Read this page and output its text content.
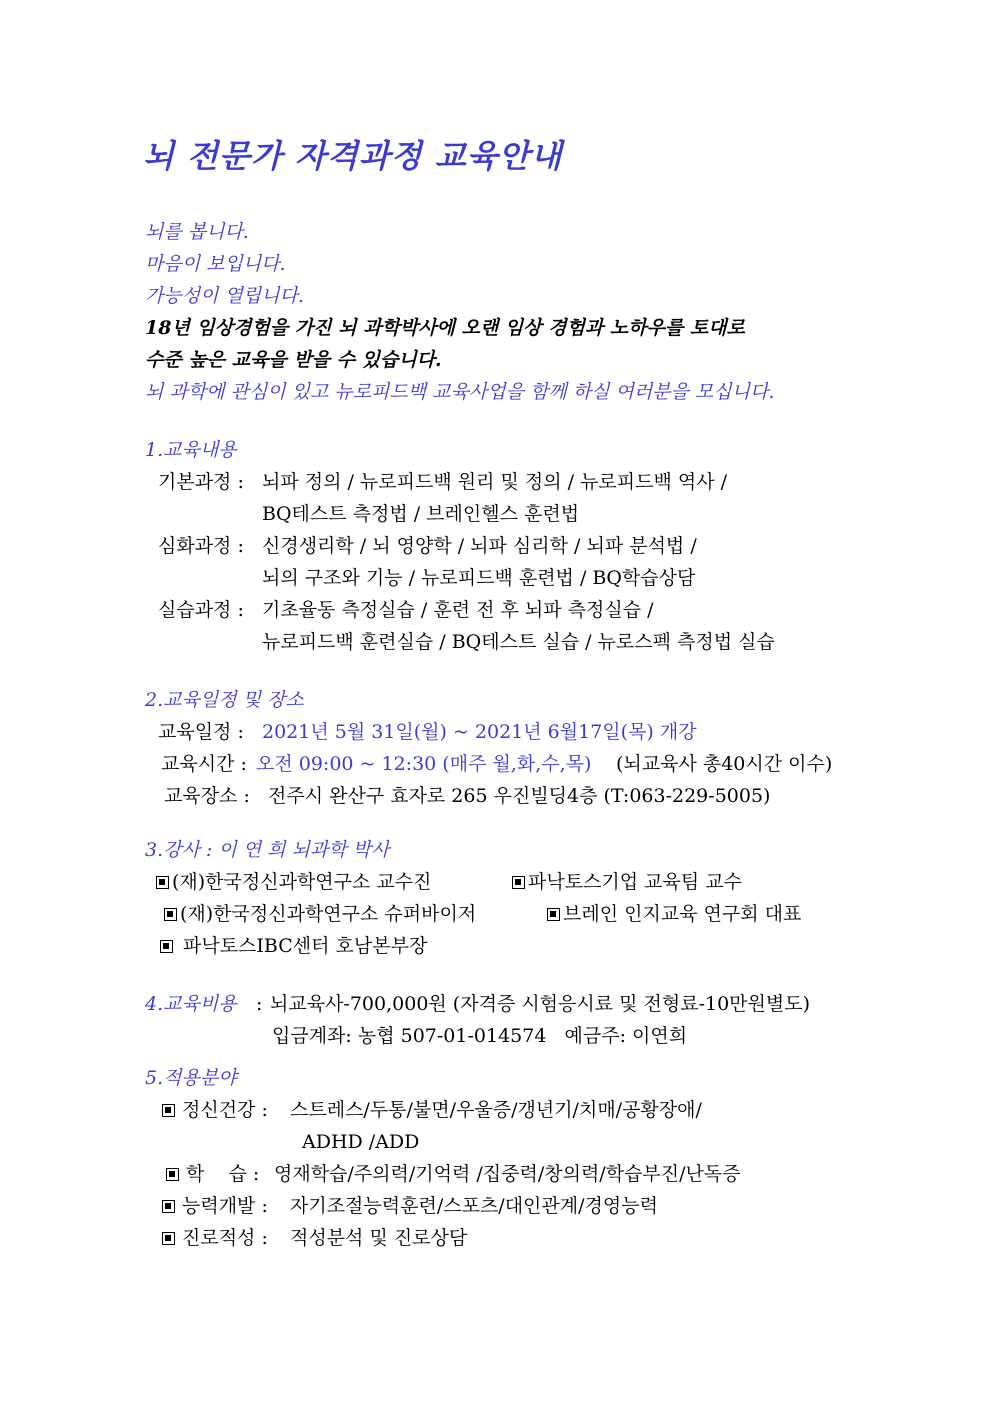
뇌 전문가 자격과정 교육안내
뇌를 봅니다.
마음이 보입니다.
가능성이 열립니다.
18년 임상경험을 가진 뇌 과학박사에 오랜 임상 경험과 노하우를 토대로
수준 높은 교육을 받을 수 있습니다.
뇌 과학에 관심이 있고 뉴로피드백 교육사업을 함께 하실 여러분을 모십니다.
1.교육내용
기본과정 : 뇌파 정의 / 뉴로피드백 원리 및 정의 / 뉴로피드백 역사 /
BQ테스트 측정법 / 브레인헬스 훈련법
심화과정 : 신경생리학 / 뇌 영양학 / 뇌파 심리학 / 뇌파 분석법 /
뇌의 구조와 기능 / 뉴로피드백 훈련법 / BQ학습상담
실습과정 : 기초율동 측정실습 / 훈련 전 후 뇌파 측정실습 /
뉴로피드백 훈련실습 / BQ테스트 실습 / 뉴로스펙 측정법 실습
2.교육일정 및 장소
교육일정 : 2021년 5월 31일(월) ~ 2021년 6월17일(목) 개강
교육시간 : 오전 09:00 ~ 12:30 (매주 월,화,수,목) (뇌교육사 총40시간 이수)
교육장소 : 전주시 완산구 효자로 265 우진빌딩4층 (T:063-229-5005)
3.강사 : 이 연 희 뇌과학 박사
(재)한국정신과학연구소 교수진	파낙토스기업 교육팀 교수
(재)한국정신과학연구소 슈퍼바이저	브레인 인지교육 연구회 대표
파낙토스IBC센터 호남본부장
4.교육비용 : 뇌교육사-700,000원 (자격증 시험응시료 및 전형료-10만원별도)
입금계좌: 농협 507-01-014574   예금주: 이연희
5.적용분야
정신건강 : 스트레스/두통/불면/우울증/갱년기/치매/공황장애/
ADHD /ADD
학    습 : 영재학습/주의력/기억력 /집중력/창의력/학습부진/난독증
능력개발 : 자기조절능력훈련/스포츠/대인관계/경영능력
진로적성 : 적성분석 및 진로상담
